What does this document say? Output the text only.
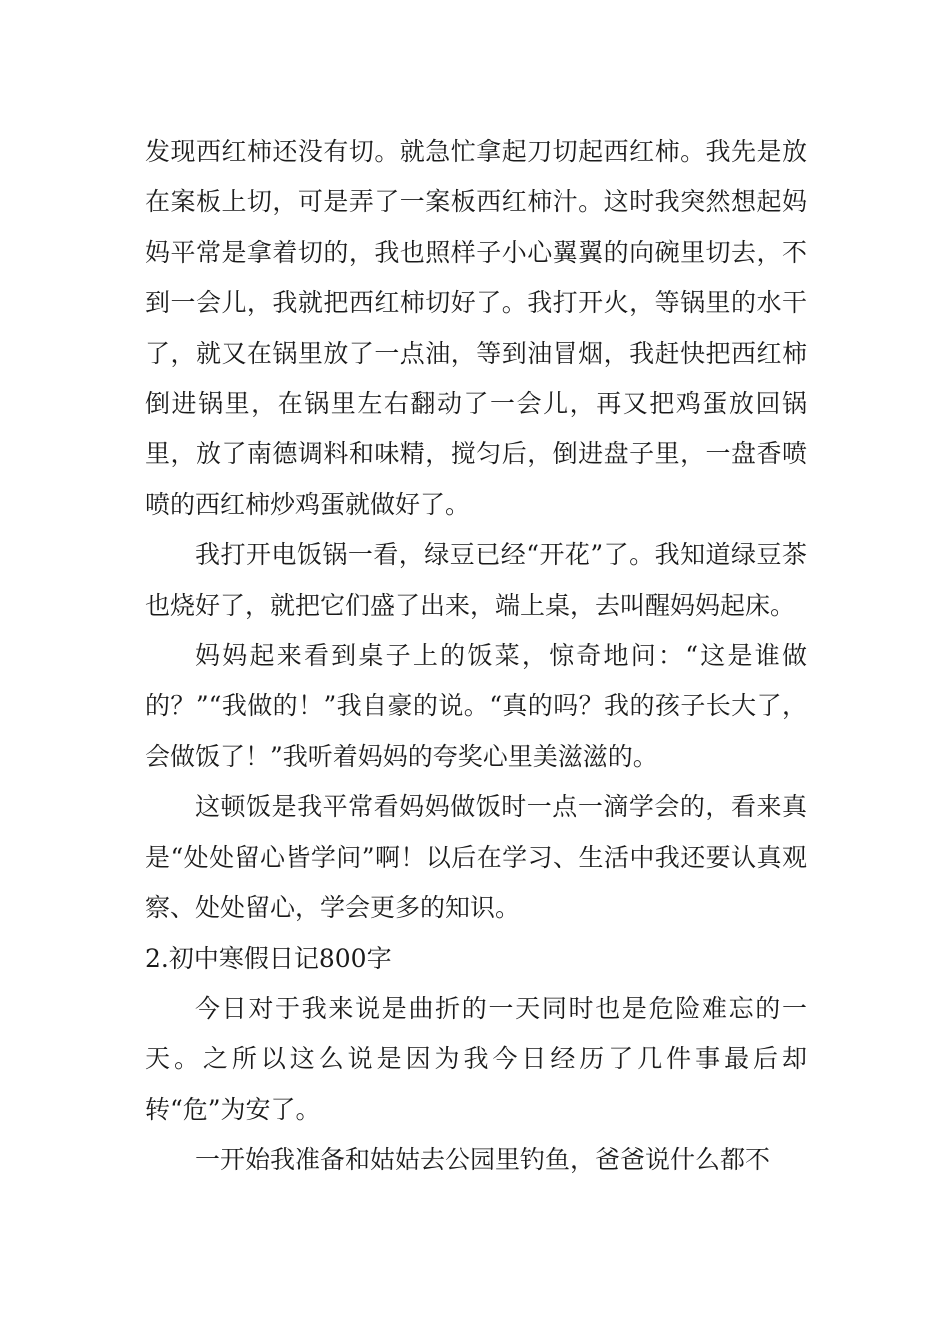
发现西红柿还没有切。就急忙拿起刀切起西红柿。我先是放在案板上切，可是弄了一案板西红柿汁。这时我突然想起妈妈平常是拿着切的，我也照样子小心翼翼的向碗里切去，不到一会儿，我就把西红柿切好了。我打开火，等锅里的水干了，就又在锅里放了一点油，等到油冒烟，我赶快把西红柿倒进锅里，在锅里左右翻动了一会儿，再又把鸡蛋放回锅里，放了南德调料和味精，搅匀后，倒进盘子里，一盘香喷喷的西红柿炒鸡蛋就做好了。

我打开电饭锅一看，绿豆已经“开花”了。我知道绿豆茶也烧好了，就把它们盛了出来，端上桌，去叫醒妈妈起床。

妈妈起来看到桌子上的饭菜，惊奇地问：“这是谁做的？”“我做的！”我自豪的说。“真的吗？我的孩子长大了，会做饭了！”我听着妈妈的夸奖心里美滋滋的。

这顿饭是我平常看妈妈做饭时一点一滴学会的，看来真是“处处留心皆学问”啊！以后在学习、生活中我还要认真观察、处处留心，学会更多的知识。

2.初中寒假日记800字

今日对于我来说是曲折的一天同时也是危险难忘的一天。之所以这么说是因为我今日经历了几件事最后却转“危”为安了。

一开始我准备和姑姑去公园里钓鱼，爸爸说什么都不
